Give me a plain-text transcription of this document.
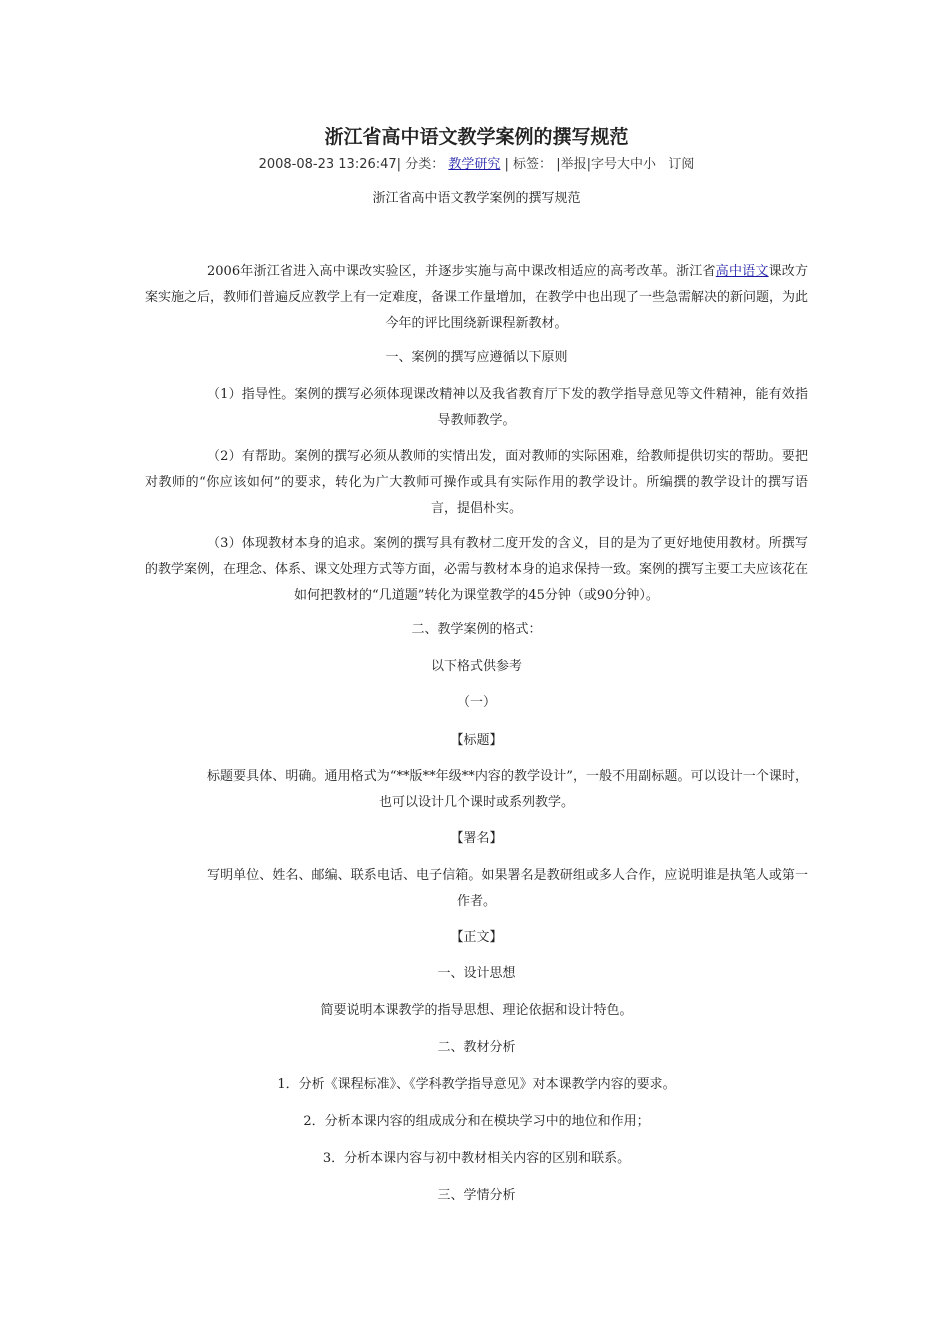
浙江省高中语文教学案例的撰写规范
2008-08-23 13:26:47| 分类： 教学研究 | 标签： |举报|字号大中小 订阅

浙江省高中语文教学案例的撰写规范

2006年浙江省进入高中课改实验区，并逐步实施与高中课改相适应的高考改革。浙江省高中语文课改方案实施之后，教师们普遍反应教学上有一定难度，备课工作量增加，在教学中也出现了一些急需解决的新问题，为此今年的评比围绕新课程新教材。

一、案例的撰写应遵循以下原则

（1）指导性。案例的撰写必须体现课改精神以及我省教育厅下发的教学指导意见等文件精神，能有效指导教师教学。

（2）有帮助。案例的撰写必须从教师的实情出发，面对教师的实际困难，给教师提供切实的帮助。要把对教师的“你应该如何”的要求，转化为广大教师可操作或具有实际作用的教学设计。所编撰的教学设计的撰写语言，提倡朴实。

（3）体现教材本身的追求。案例的撰写具有教材二度开发的含义，目的是为了更好地使用教材。所撰写的教学案例，在理念、体系、课文处理方式等方面，必需与教材本身的追求保持一致。案例的撰写主要工夫应该花在如何把教材的“几道题”转化为课堂教学的45分钟（或90分钟）。

二、教学案例的格式：

以下格式供参考

（一）

【标题】

标题要具体、明确。通用格式为“**版**年级**内容的教学设计”，一般不用副标题。可以设计一个课时，也可以设计几个课时或系列教学。

【署名】

写明单位、姓名、邮编、联系电话、电子信箱。如果署名是教研组或多人合作，应说明谁是执笔人或第一作者。

【正文】

一、设计思想

简要说明本课教学的指导思想、理论依据和设计特色。

二、教材分析

1．分析《课程标准》、《学科教学指导意见》对本课教学内容的要求。

2．分析本课内容的组成成分和在模块学习中的地位和作用；

3．分析本课内容与初中教材相关内容的区别和联系。

三、学情分析
